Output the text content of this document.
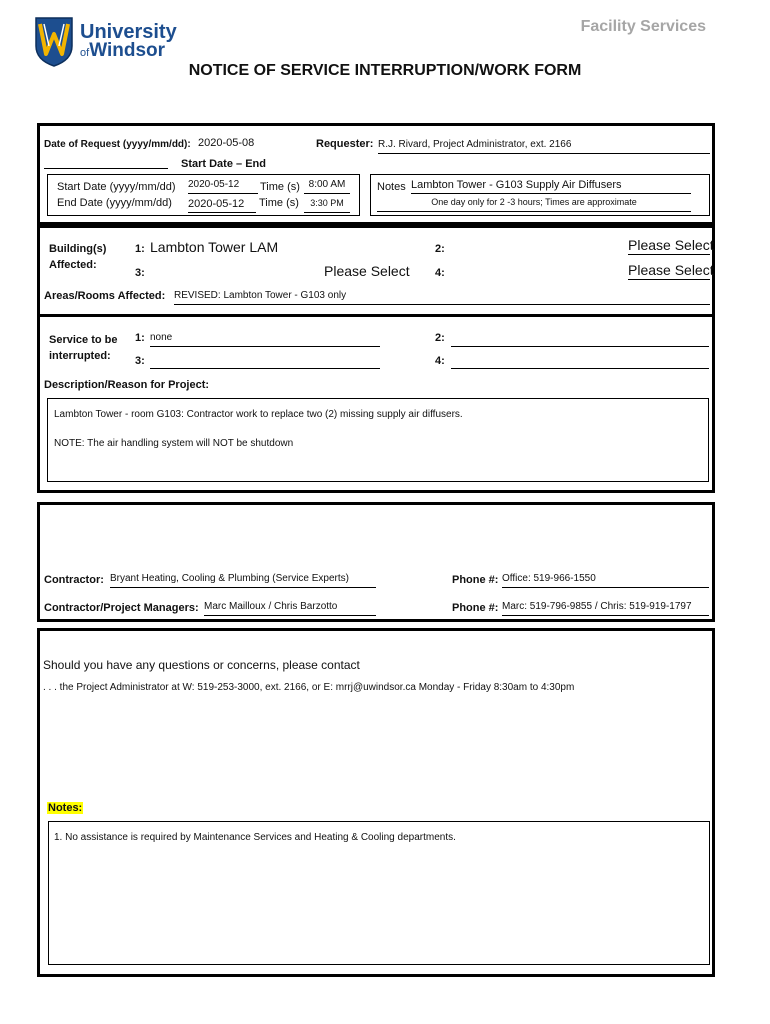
University
ofWindsor
Facility Services
NOTICE OF SERVICE INTERRUPTION/WORK FORM
Date of Request (yyyy/mm/dd): 2020-05-08	Requester: R.J. Rivard, Project Administrator, ext. 2166
Start Date – End
Start Date (yyyy/mm/dd) 2020-05-12	Time (s) 8:00 AM
End Date (yyyy/mm/dd) 2020-05-12	Time (s)	3:30 PM
Notes Lambton Tower - G103 Supply Air Diffusers
One day only for 2 -3 hours; Times are approximate
Building(s)
Affected:
1: Lambton Tower LAM	2:	Please Select
3:	Please Select 4:	Please Select
Areas/Rooms Affected: REVISED: Lambton Tower - G103 only
Service to be
interrupted:
1: none	2:
3:	4:
Description/Reason for Project:
Lambton Tower - room G103: Contractor work to replace two (2) missing supply air diffusers.
NOTE: The air handling system will NOT be shutdown
Contractor: Bryant Heating, Cooling & Plumbing (Service Experts)	Phone #: Office: 519-966-1550
Contractor/Project Managers: Marc Mailloux / Chris Barzotto	Phone #: Marc: 519-796-9855 / Chris: 519-919-1797
Should you have any questions or concerns, please contact
. . . the Project Administrator at W: 519-253-3000, ext. 2166, or E: mrrj@uwindsor.ca Monday - Friday 8:30am to 4:30pm
Notes:
1. No assistance is required by Maintenance Services and Heating & Cooling departments.
